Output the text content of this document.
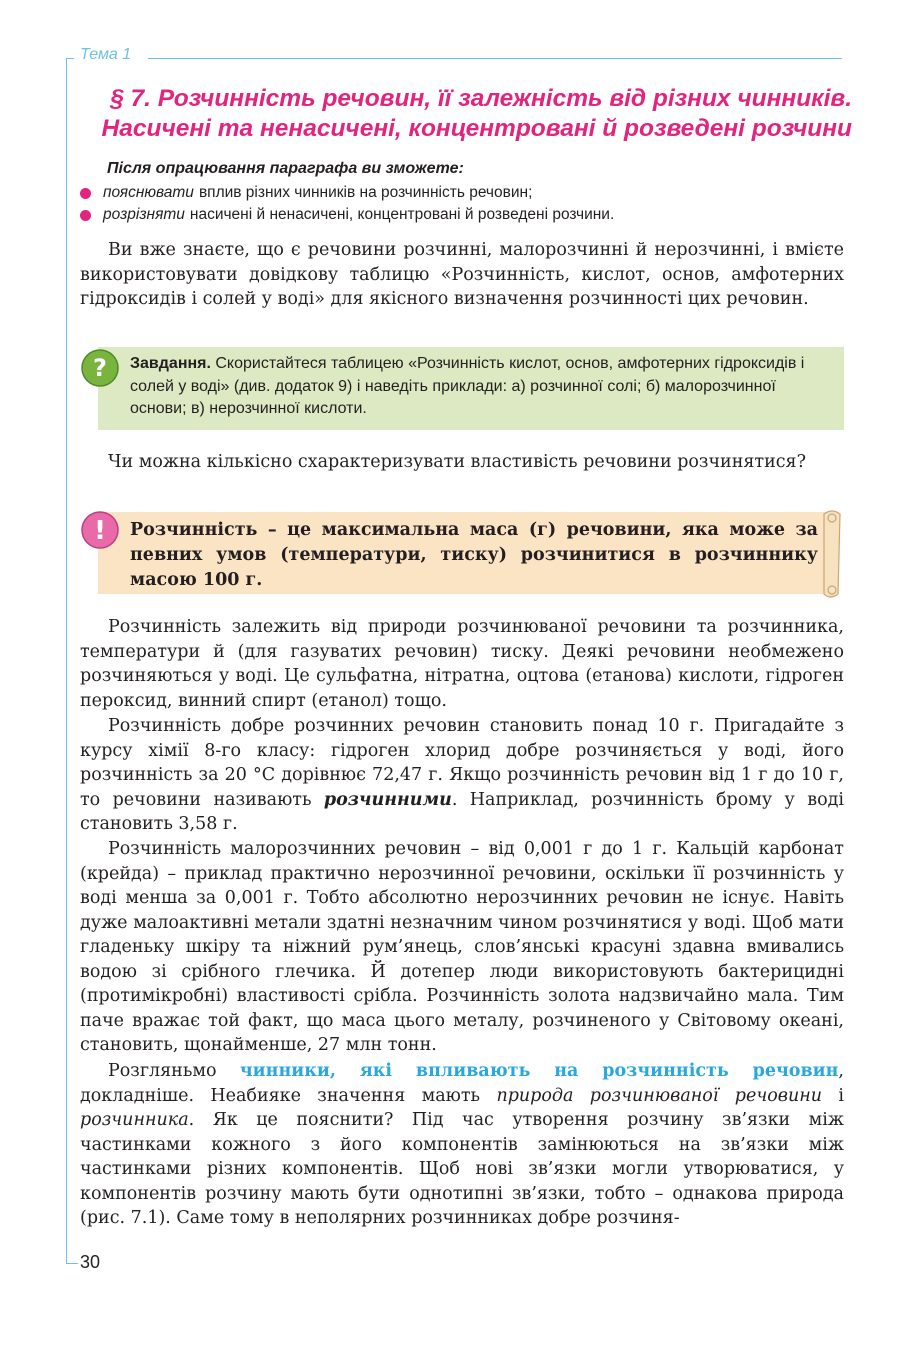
Тема 1
§ 7. Розчинність речовин, її залежність від різних чинників.
Насичені та ненасичені, концентровані й розведені розчини
Після опрацювання параграфа ви зможете:
пояснювати вплив різних чинників на розчинність речовин;
розрізняти насичені й ненасичені, концентровані й розведені розчини.
Ви вже знаєте, що є речовини розчинні, малорозчинні й нерозчинні, і вмієте використовувати довідкову таблицю «Розчинність, кислот, основ, амфотерних гідроксидів і солей у воді» для якісного визначення розчинності цих речовин.
? Завдання. Скористайтеся таблицею «Розчинність кислот, основ, амфотерних гідроксидів і солей у воді» (див. додаток 9) і наведіть приклади: а) розчинної солі; б) малорозчинної основи; в) нерозчинної кислоти.
Чи можна кількісно схарактеризувати властивість речовини розчинятися?
! Розчинність – це максимальна маса (г) речовини, яка може за певних умов (температури, тиску) розчинитися в розчиннику масою 100 г.
Розчинність залежить від природи розчинюваної речовини та розчинника, температури й (для газуватих речовин) тиску. Деякі речовини необмежено розчиняються у воді. Це сульфатна, нітратна, оцтова (етанова) кислоти, гідроген пероксид, винний спирт (етанол) тощо.
Розчинність добре розчинних речовин становить понад 10 г. Пригадайте з курсу хімії 8-го класу: гідроген хлорид добре розчиняється у воді, його розчинність за 20 °С дорівнює 72,47 г. Якщо розчинність речовин від 1 г до 10 г, то речовини називають розчинними. Наприклад, розчинність брому у воді становить 3,58 г.
Розчинність малорозчинних речовин – від 0,001 г до 1 г. Кальцій карбонат (крейда) – приклад практично нерозчинної речовини, оскільки її розчинність у воді менша за 0,001 г. Тобто абсолютно нерозчинних речовин не існує. Навіть дуже малоактивні метали здатні незначним чином розчинятися у воді. Щоб мати гладеньку шкіру та ніжний рум’янець, слов’янські красуні здавна вмивались водою зі срібного глечика. Й дотепер люди використовують бактерицидні (протимікробні) властивості срібла. Розчинність золота надзвичайно мала. Тим паче вражає той факт, що маса цього металу, розчиненого у Світовому океані, становить, щонайменше, 27 млн тонн.
Розгляньмо чинники, які впливають на розчинність речовин, докладніше. Неабияке значення мають природа розчинюваної речовини і розчинника. Як це пояснити? Під час утворення розчину зв’язки між частинками кожного з його компонентів замінюються на зв’язки між частинками різних компонентів. Щоб нові зв’язки могли утворюватися, у компонентів розчину мають бути однотипні зв’язки, тобто – однакова природа (рис. 7.1). Саме тому в неполярних розчинниках добре розчиня-
30
